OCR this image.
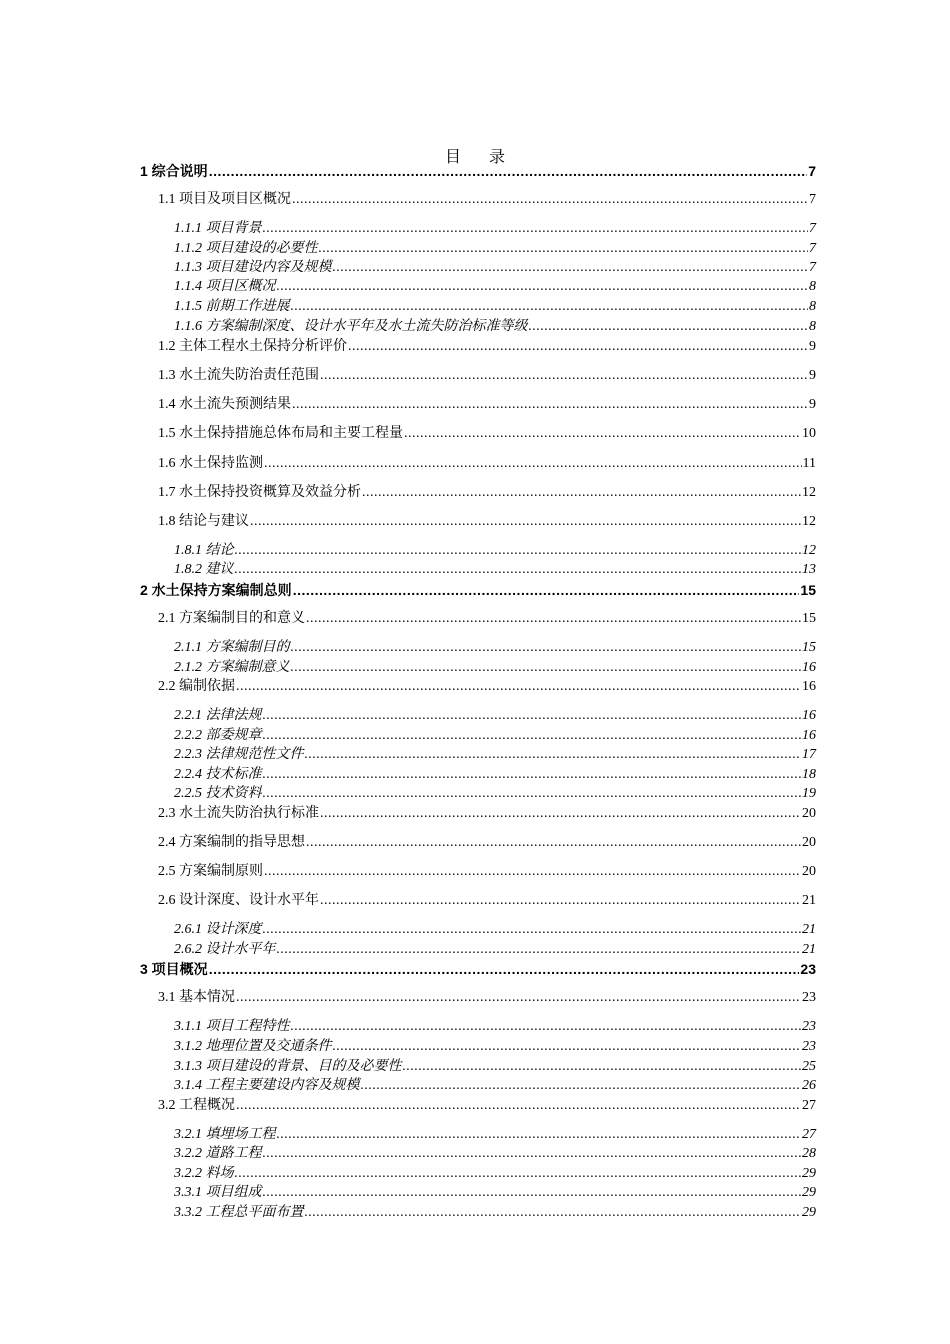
目 录
1 综合说明 .....	7
1.1 项目及项目区概况 .....	7
1.1.1 项目背景 .....	7
1.1.2 项目建设的必要性 .....	7
1.1.3 项目建设内容及规模 .....	7
1.1.4 项目区概况 .....	8
1.1.5 前期工作进展 .....	8
1.1.6 方案编制深度、设计水平年及水土流失防治标准等级 .....	8
1.2 主体工程水土保持分析评价 .....	9
1.3 水土流失防治责任范围 .....	9
1.4 水土流失预测结果 .....	9
1.5 水土保持措施总体布局和主要工程量 .....	10
1.6 水土保持监测 .....	11
1.7 水土保持投资概算及效益分析 .....	12
1.8 结论与建议 .....	12
1.8.1 结论 .....	12
1.8.2 建议 .....	13
2 水土保持方案编制总则 .....	15
2.1 方案编制目的和意义 .....	15
2.1.1 方案编制目的 .....	15
2.1.2 方案编制意义 .....	16
2.2 编制依据 .....	16
2.2.1 法律法规 .....	16
2.2.2 部委规章 .....	16
2.2.3 法律规范性文件 .....	17
2.2.4 技术标准 .....	18
2.2.5 技术资料 .....	19
2.3 水土流失防治执行标准 .....	20
2.4 方案编制的指导思想 .....	20
2.5 方案编制原则 .....	20
2.6 设计深度、设计水平年 .....	21
2.6.1 设计深度 .....	21
2.6.2 设计水平年 .....	21
3 项目概况 .....	23
3.1 基本情况 .....	23
3.1.1 项目工程特性 .....	23
3.1.2 地理位置及交通条件 .....	23
3.1.3 项目建设的背景、目的及必要性 .....	25
3.1.4 工程主要建设内容及规模 .....	26
3.2 工程概况 .....	27
3.2.1 填埋场工程 .....	27
3.2.2 道路工程 .....	28
3.2.2 料场 .....	29
3.3.1 项目组成 .....	29
3.3.2 工程总平面布置 .....	29
